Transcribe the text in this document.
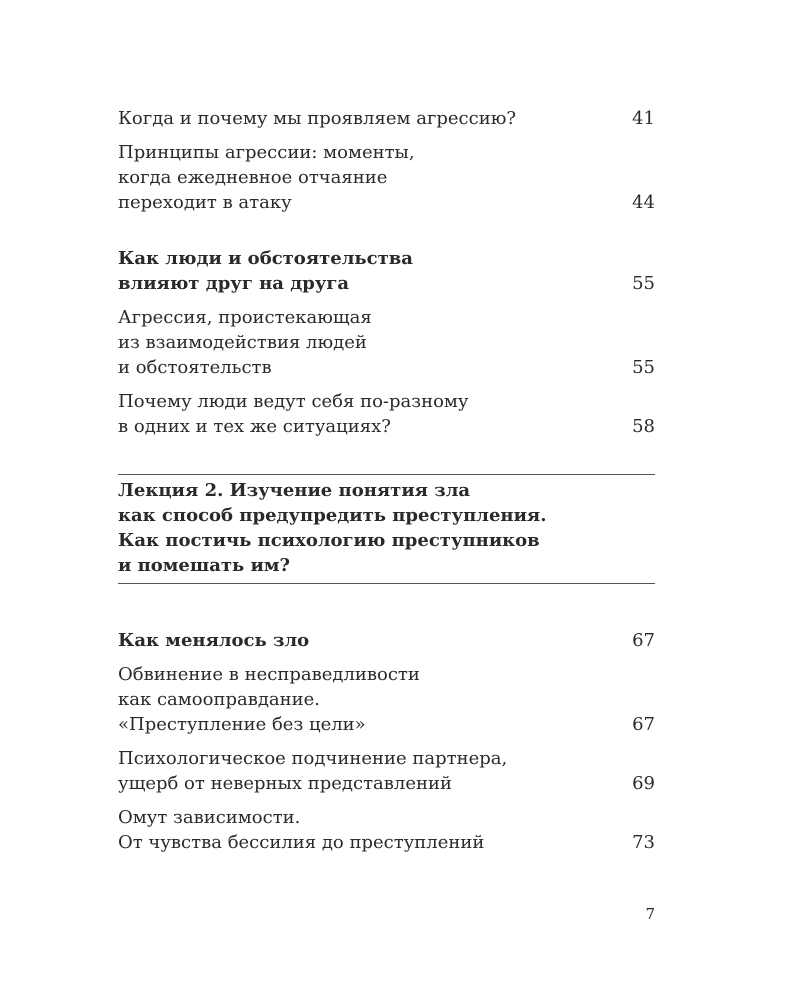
Когда и почему мы проявляем агрессию?	41
Принципы агрессии: моменты,
когда ежедневное отчаяние
переходит в атаку	44
Как люди и обстоятельства
влияют друг на друга	55
Агрессия, проистекающая
из взаимодействия людей
и обстоятельств	55
Почему люди ведут себя по-разному
в одних и тех же ситуациях?	58
Лекция 2. Изучение понятия зла
как способ предупредить преступления.
Как постичь психологию преступников
и помешать им?
Как менялось зло	67
Обвинение в несправедливости
как самооправдание.
«Преступление без цели»	67
Психологическое подчинение партнера,
ущерб от неверных представлений	69
Омут зависимости.
От чувства бессилия до преступлений	73
7
